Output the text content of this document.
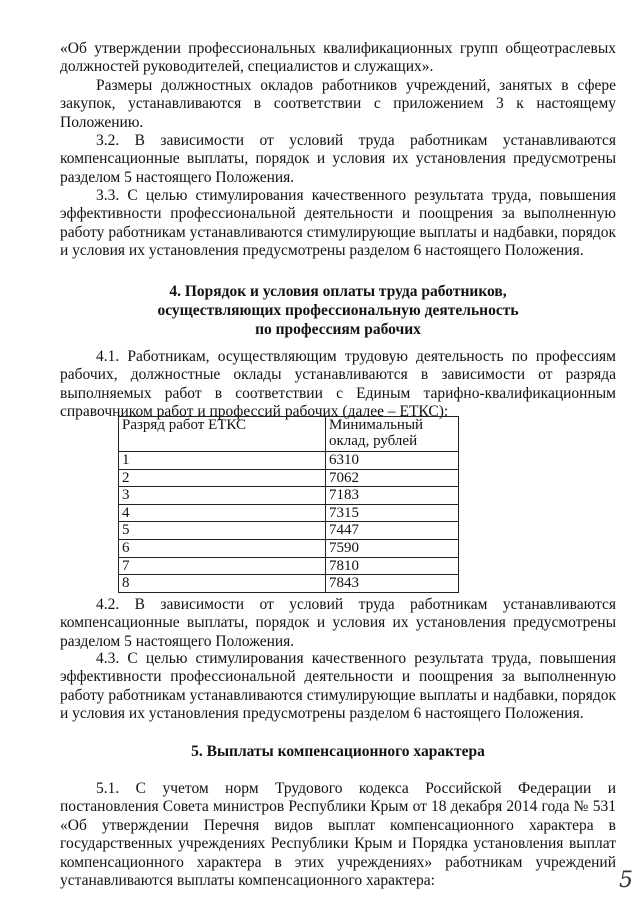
«Об утверждении профессиональных квалификационных групп общеотраслевых должностей руководителей, специалистов и служащих».

Размеры должностных окладов работников учреждений, занятых в сфере закупок, устанавливаются в соответствии с приложением 3 к настоящему Положению.

3.2. В зависимости от условий труда работникам устанавливаются компенсационные выплаты, порядок и условия их установления предусмотрены разделом 5 настоящего Положения.

3.3. С целью стимулирования качественного результата труда, повышения эффективности профессиональной деятельности и поощрения за выполненную работу работникам устанавливаются стимулирующие выплаты и надбавки, порядок и условия их установления предусмотрены разделом 6 настоящего Положения.

4. Порядок и условия оплаты труда работников,
осуществляющих профессиональную деятельность
по профессиям рабочих

4.1. Работникам, осуществляющим трудовую деятельность по профессиям рабочих, должностные оклады устанавливаются в зависимости от разряда выполняемых работ в соответствии с Единым тарифно-квалификационным справочником работ и профессий рабочих (далее – ЕТКС):

Разряд работ ЕТКС	Минимальный оклад, рублей
1	6310
2	7062
3	7183
4	7315
5	7447
6	7590
7	7810
8	7843

4.2. В зависимости от условий труда работникам устанавливаются компенсационные выплаты, порядок и условия их установления предусмотрены разделом 5 настоящего Положения.

4.3. С целью стимулирования качественного результата труда, повышения эффективности профессиональной деятельности и поощрения за выполненную работу работникам устанавливаются стимулирующие выплаты и надбавки, порядок и условия их установления предусмотрены разделом 6 настоящего Положения.

5. Выплаты компенсационного характера

5.1. С учетом норм Трудового кодекса Российской Федерации и постановления Совета министров Республики Крым от 18 декабря 2014 года № 531 «Об утверждении Перечня видов выплат компенсационного характера в государственных учреждениях Республики Крым и Порядка установления выплат компенсационного характера в этих учреждениях» работникам учреждений устанавливаются выплаты компенсационного характера:	5
